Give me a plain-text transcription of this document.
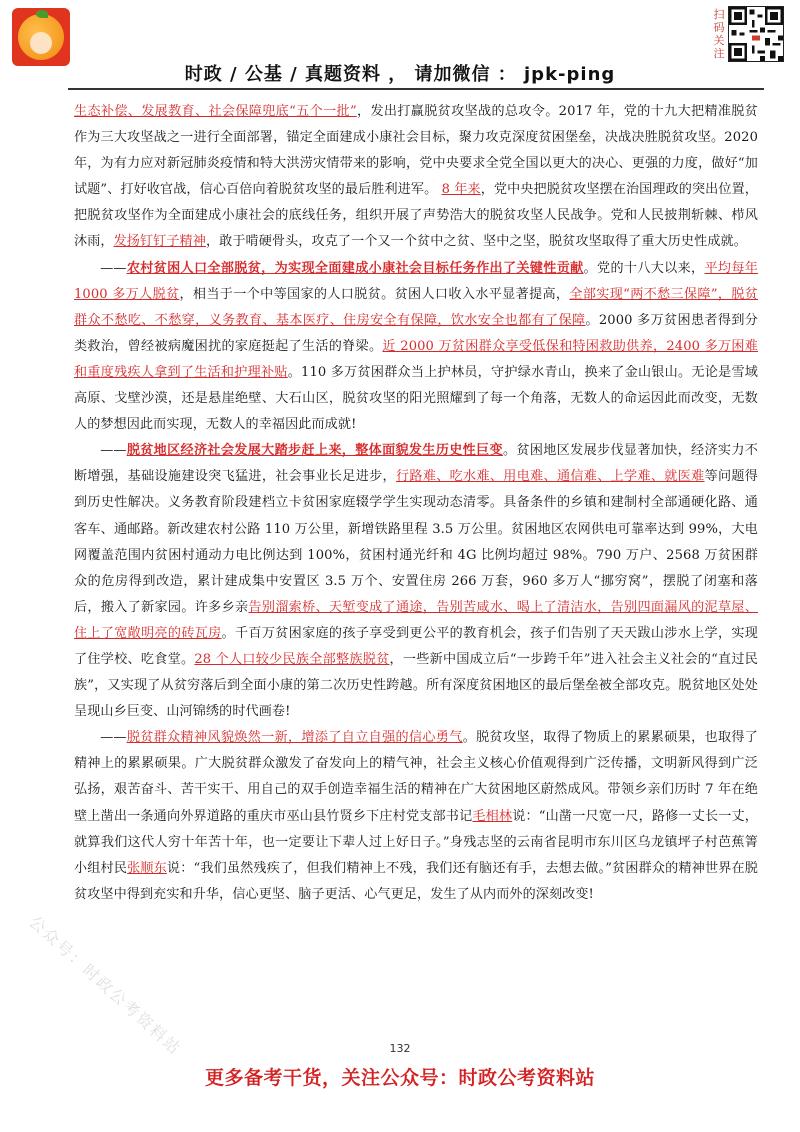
扫码关注
时政 / 公基 / 真题资料 ， 请加微信 ： jpk-ping

生态补偿、发展教育、社会保障兜底“五个一批”，发出打赢脱贫攻坚战的总攻令。2017 年，党的十九大把精准脱贫作为三大攻坚战之一进行全面部署，锚定全面建成小康社会目标，聚力攻克深度贫困堡垒，决战决胜脱贫攻坚。2020 年，为有力应对新冠肺炎疫情和特大洪涝灾情带来的影响，党中央要求全党全国以更大的决心、更强的力度，做好“加试题”、打好收官战，信心百倍向着脱贫攻坚的最后胜利进军。 8 年来，党中央把脱贫攻坚摆在治国理政的突出位置，把脱贫攻坚作为全面建成小康社会的底线任务，组织开展了声势浩大的脱贫攻坚人民战争。党和人民披荆斩棘、栉风沐雨，发扬钉钉子精神，敢于啃硬骨头，攻克了一个又一个贫中之贫、坚中之坚，脱贫攻坚取得了重大历史性成就。

——农村贫困人口全部脱贫，为实现全面建成小康社会目标任务作出了关键性贡献。党的十八大以来，平均每年 1000 多万人脱贫，相当于一个中等国家的人口脱贫。贫困人口收入水平显著提高，全部实现“两不愁三保障”，脱贫群众不愁吃、不愁穿，义务教育、基本医疗、住房安全有保障，饮水安全也都有了保障。2000 多万贫困患者得到分类救治，曾经被病魔困扰的家庭挺起了生活的脊梁。近 2000 万贫困群众享受低保和特困救助供养，2400 多万困难和重度残疾人拿到了生活和护理补贴。110 多万贫困群众当上护林员，守护绿水青山，换来了金山银山。无论是雪域高原、戈壁沙漠，还是悬崖绝壁、大石山区，脱贫攻坚的阳光照耀到了每一个角落，无数人的命运因此而改变，无数人的梦想因此而实现，无数人的幸福因此而成就!

——脱贫地区经济社会发展大踏步赶上来，整体面貌发生历史性巨变。贫困地区发展步伐显著加快，经济实力不断增强，基础设施建设突飞猛进，社会事业长足进步，行路难、吃水难、用电难、通信难、上学难、就医难等问题得到历史性解决。义务教育阶段建档立卡贫困家庭辍学学生实现动态清零。具备条件的乡镇和建制村全部通硬化路、通客车、通邮路。新改建农村公路 110 万公里，新增铁路里程 3.5 万公里。贫困地区农网供电可靠率达到 99%，大电网覆盖范围内贫困村通动力电比例达到 100%，贫困村通光纤和 4G 比例均超过 98%。790 万户、2568 万贫困群众的危房得到改造，累计建成集中安置区 3.5 万个、安置住房 266 万套，960 多万人“挪穷窝”，摆脱了闭塞和落后，搬入了新家园。许多乡亲告别溜索桥、天堑变成了通途，告别苦咸水、喝上了清洁水，告别四面漏风的泥草屋、住上了宽敞明亮的砖瓦房。千百万贫困家庭的孩子享受到更公平的教育机会，孩子们告别了天天跋山涉水上学，实现了住学校、吃食堂。28 个人口较少民族全部整族脱贫，一些新中国成立后“一步跨千年”进入社会主义社会的“直过民族”，又实现了从贫穷落后到全面小康的第二次历史性跨越。所有深度贫困地区的最后堡垒被全部攻克。脱贫地区处处呈现山乡巨变、山河锦绣的时代画卷!

——脱贫群众精神风貌焕然一新，增添了自立自强的信心勇气。脱贫攻坚，取得了物质上的累累硕果，也取得了精神上的累累硕果。广大脱贫群众激发了奋发向上的精气神，社会主义核心价值观得到广泛传播，文明新风得到广泛弘扬，艰苦奋斗、苦干实干、用自己的双手创造幸福生活的精神在广大贫困地区蔚然成风。带领乡亲们历时 7 年在绝壁上凿出一条通向外界道路的重庆市巫山县竹贤乡下庄村党支部书记毛相林说：“山凿一尺宽一尺，路修一丈长一丈，就算我们这代人穷十年苦十年，也一定要让下辈人过上好日子。”身残志坚的云南省昆明市东川区乌龙镇坪子村芭蕉箐小组村民张顺东说：“我们虽然残疾了，但我们精神上不残，我们还有脑还有手，去想去做。”贫困群众的精神世界在脱贫攻坚中得到充实和升华，信心更坚、脑子更活、心气更足，发生了从内而外的深刻改变!

公众号：时政公考资料站	132
更多备考干货，关注公众号：时政公考资料站
